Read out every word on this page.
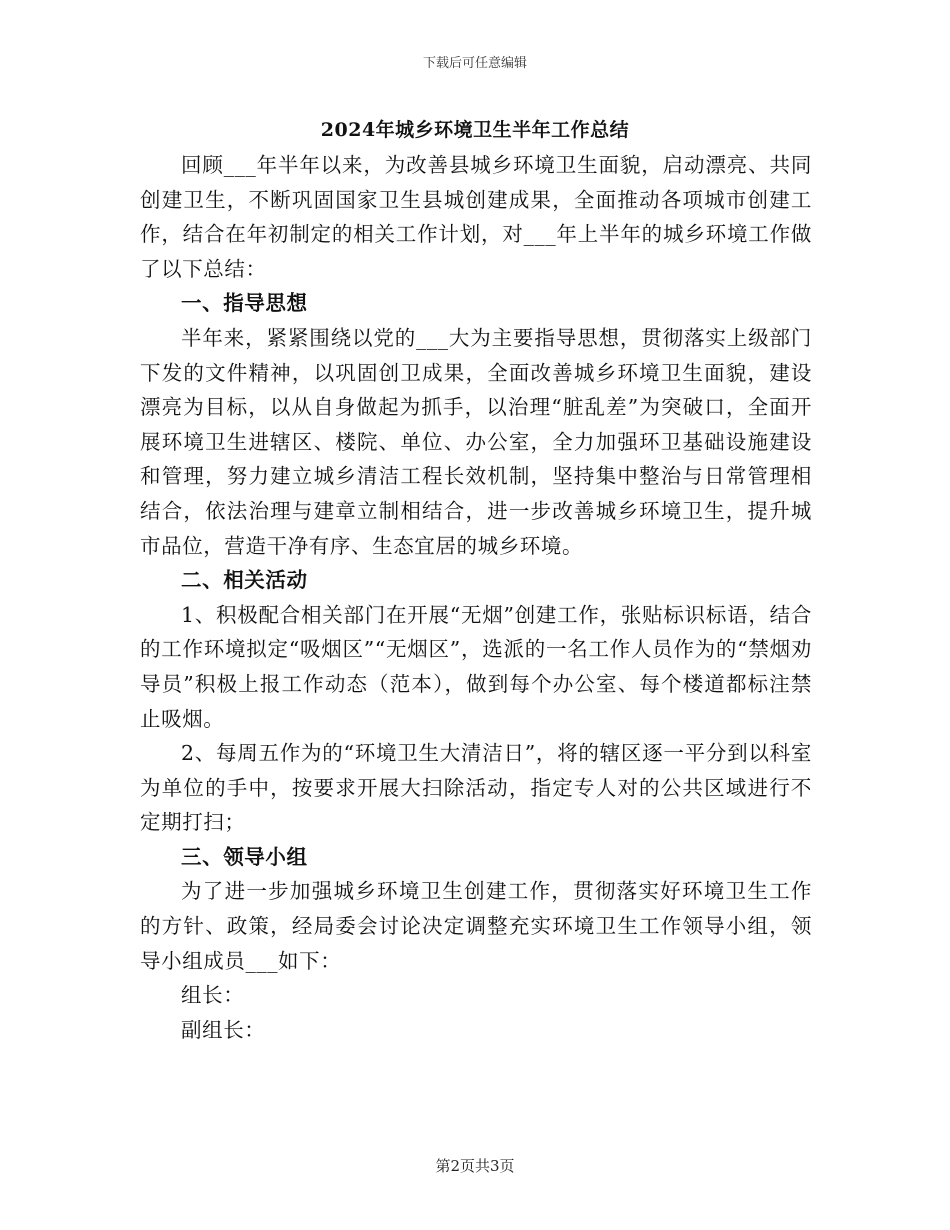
下载后可任意编辑
2024年城乡环境卫生半年工作总结

回顾___年半年以来，为改善县城乡环境卫生面貌，启动漂亮、共同创建卫生，不断巩固国家卫生县城创建成果，全面推动各项城市创建工作，结合在年初制定的相关工作计划，对___年上半年的城乡环境工作做了以下总结：

一、指导思想

半年来，紧紧围绕以党的___大为主要指导思想，贯彻落实上级部门下发的文件精神，以巩固创卫成果，全面改善城乡环境卫生面貌，建设漂亮为目标，以从自身做起为抓手，以治理“脏乱差”为突破口，全面开展环境卫生进辖区、楼院、单位、办公室，全力加强环卫基础设施建设和管理，努力建立城乡清洁工程长效机制，坚持集中整治与日常管理相结合，依法治理与建章立制相结合，进一步改善城乡环境卫生，提升城市品位，营造干净有序、生态宜居的城乡环境。

二、相关活动

1、积极配合相关部门在开展“无烟”创建工作，张贴标识标语，结合的工作环境拟定“吸烟区”“无烟区”，选派的一名工作人员作为的“禁烟劝导员”积极上报工作动态（范本），做到每个办公室、每个楼道都标注禁止吸烟。

2、每周五作为的“环境卫生大清洁日”，将的辖区逐一平分到以科室为单位的手中，按要求开展大扫除活动，指定专人对的公共区域进行不定期打扫；

三、领导小组

为了进一步加强城乡环境卫生创建工作，贯彻落实好环境卫生工作的方针、政策，经局委会讨论决定调整充实环境卫生工作领导小组，领导小组成员___如下：

组长：

副组长：

第2页共3页
